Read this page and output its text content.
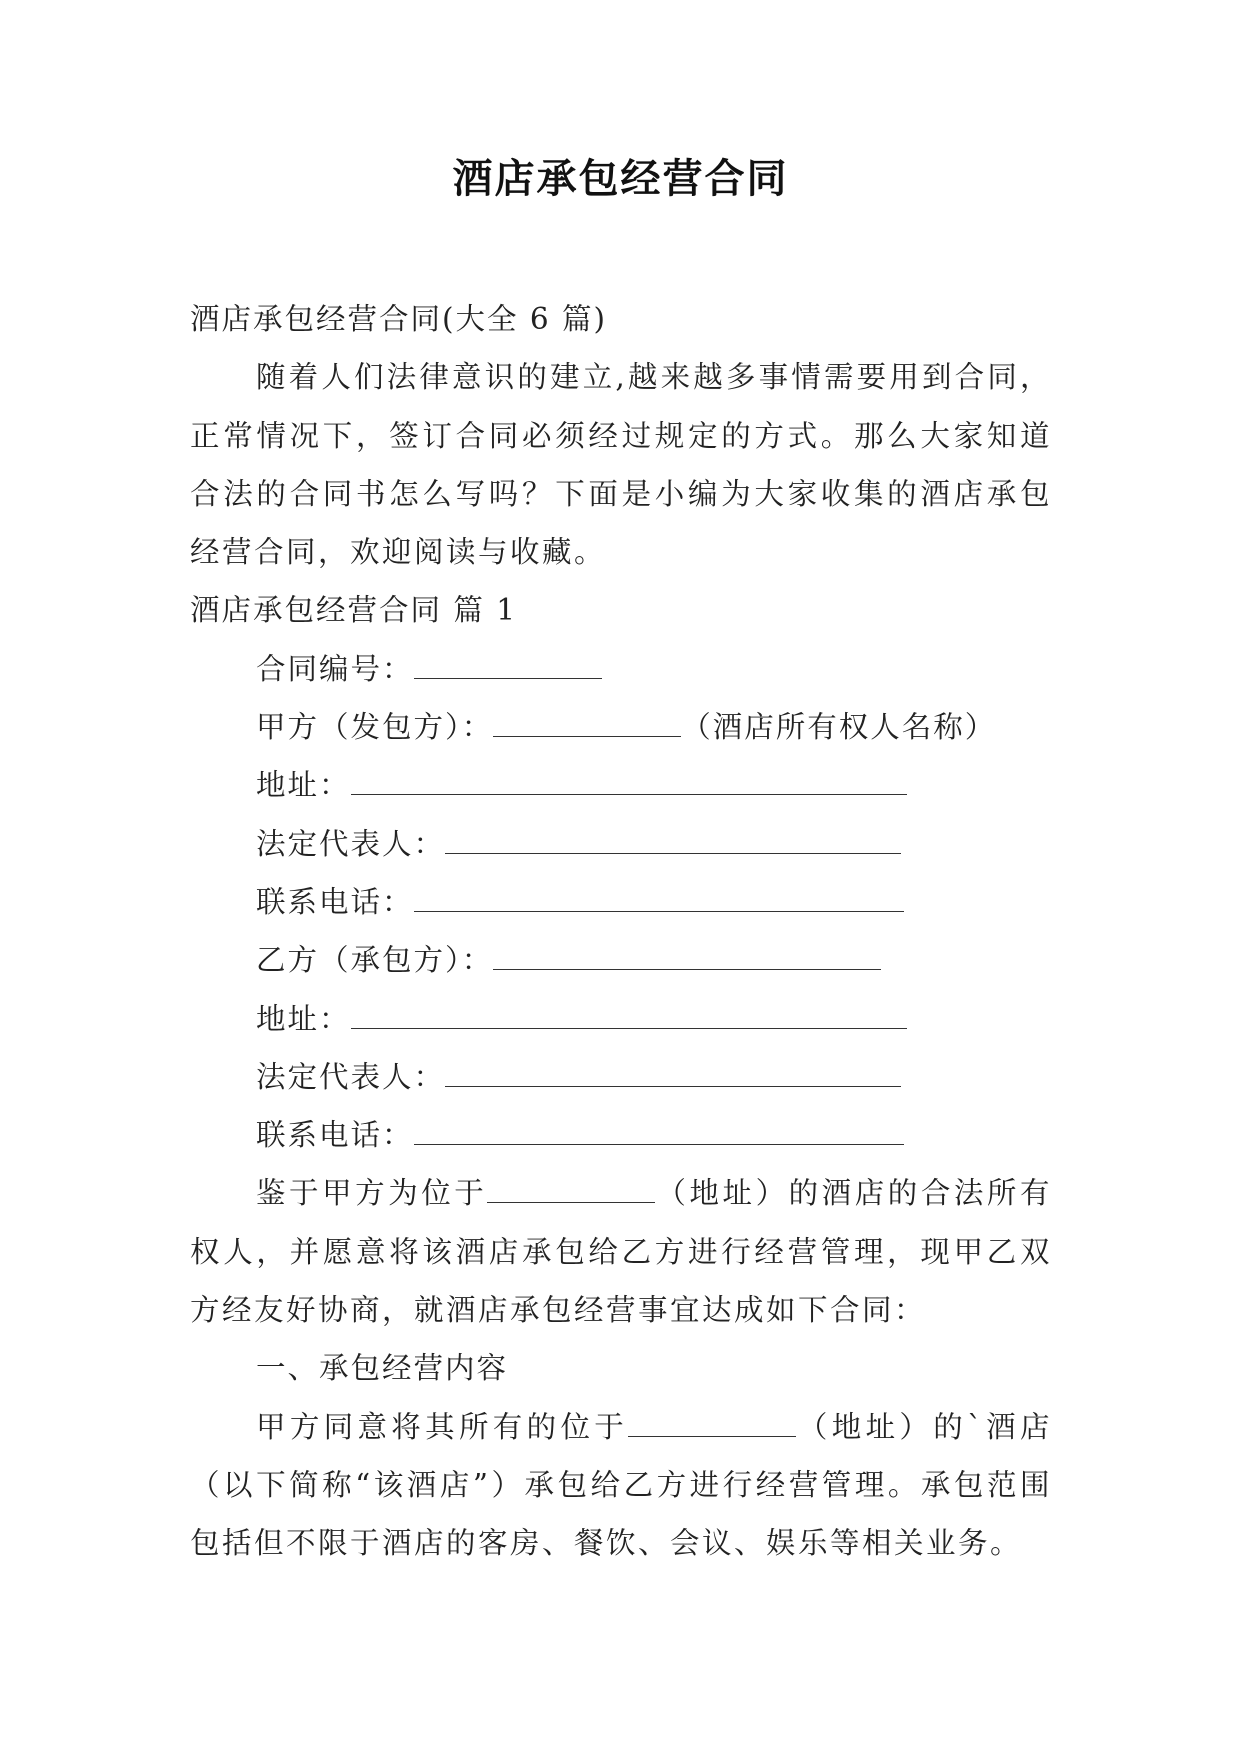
酒店承包经营合同
酒店承包经营合同(大全 6 篇)
随着人们法律意识的建立,越来越多事情需要用到合同，正常情况下，签订合同必须经过规定的方式。那么大家知道合法的合同书怎么写吗？下面是小编为大家收集的酒店承包经营合同，欢迎阅读与收藏。
酒店承包经营合同 篇 1
合同编号：
甲方（发包方）：	（酒店所有权人名称）
地址：
法定代表人：
联系电话：
乙方（承包方）：
地址：
法定代表人：
联系电话：
鉴于甲方为位于	（地址）的酒店的合法所有权人，并愿意将该酒店承包给乙方进行经营管理，现甲乙双方经友好协商，就酒店承包经营事宜达成如下合同：
一、承包经营内容
甲方同意将其所有的位于	（地址）的`酒店（以下简称“该酒店”）承包给乙方进行经营管理。承包范围包括但不限于酒店的客房、餐饮、会议、娱乐等相关业务。
